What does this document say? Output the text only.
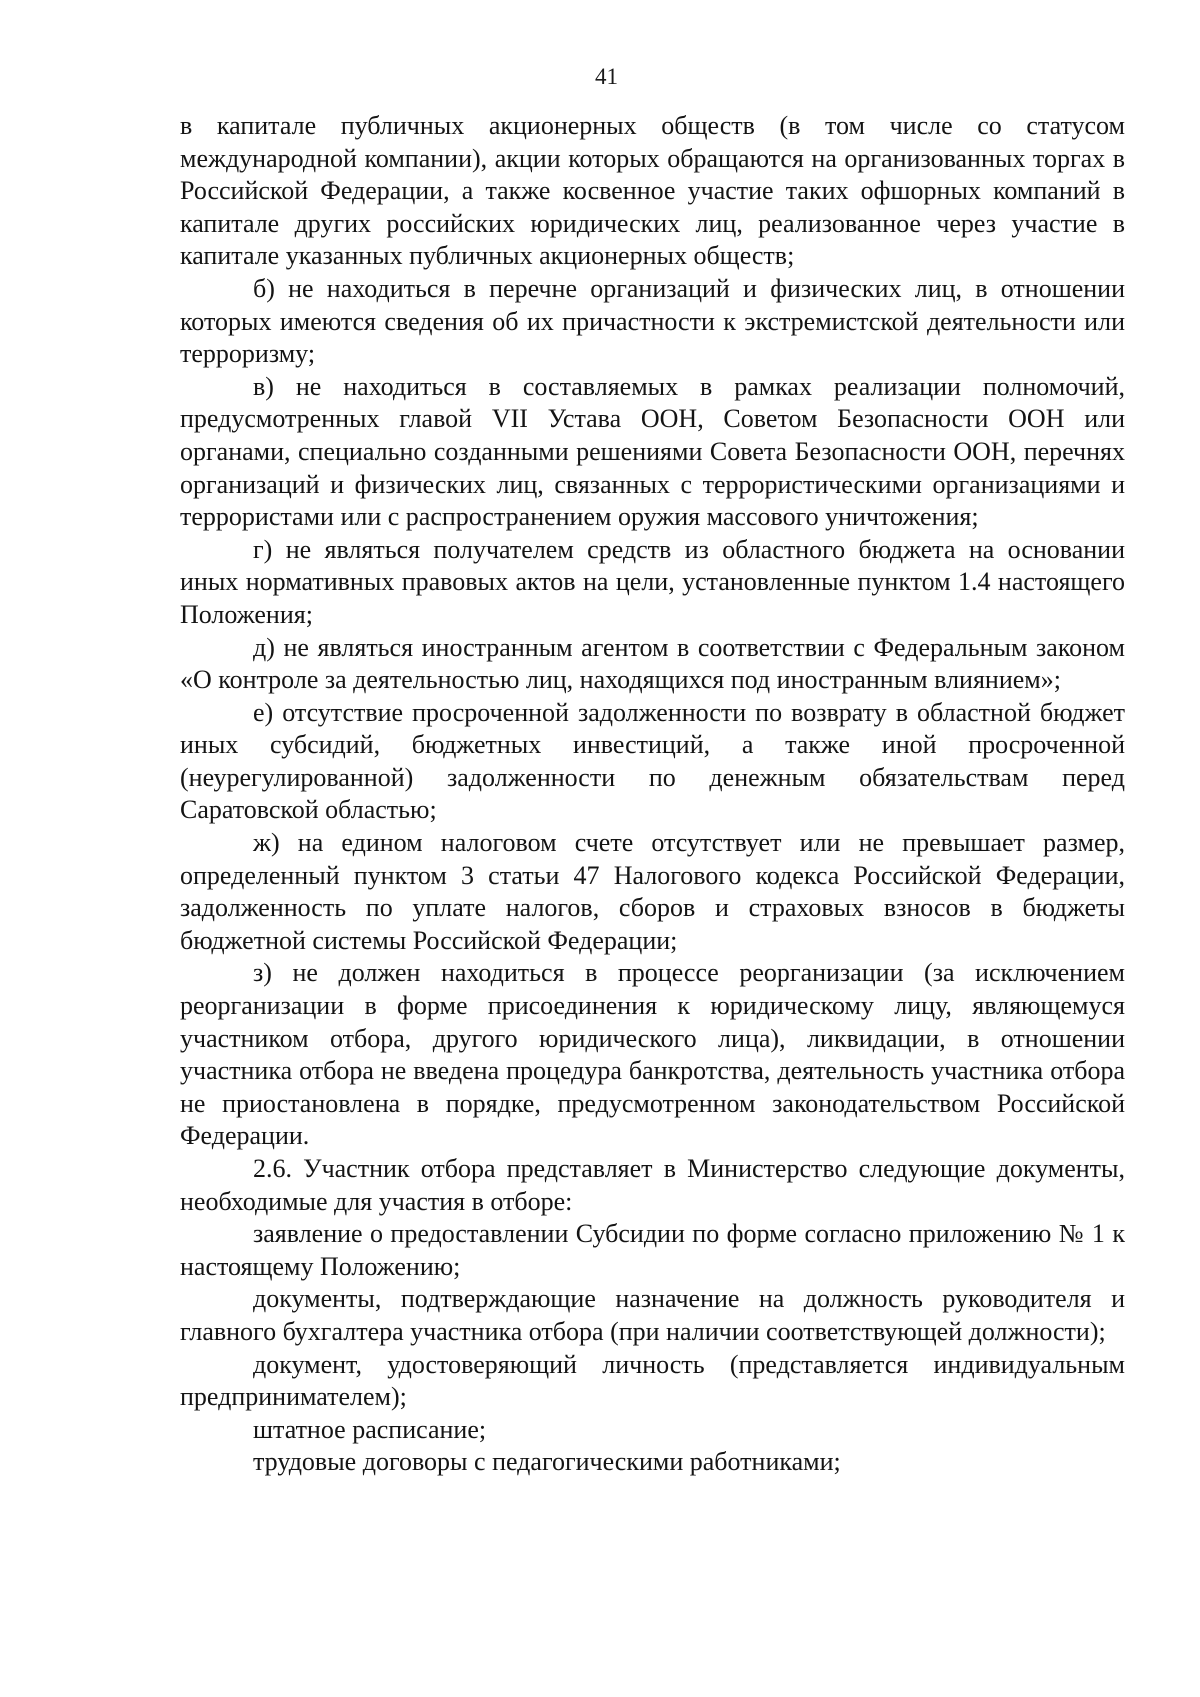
41

в капитале публичных акционерных обществ (в том числе со статусом международной компании), акции которых обращаются на организованных торгах в Российской Федерации, а также косвенное участие таких офшорных компаний в капитале других российских юридических лиц, реализованное через участие в капитале указанных публичных акционерных обществ;

б) не находиться в перечне организаций и физических лиц, в отношении которых имеются сведения об их причастности к экстремистской деятельности или терроризму;

в) не находиться в составляемых в рамках реализации полномочий, предусмотренных главой VII Устава ООН, Советом Безопасности ООН или органами, специально созданными решениями Совета Безопасности ООН, перечнях организаций и физических лиц, связанных с террористическими организациями и террористами или с распространением оружия массового уничтожения;

г) не являться получателем средств из областного бюджета на основании иных нормативных правовых актов на цели, установленные пунктом 1.4 настоящего Положения;

д) не являться иностранным агентом в соответствии с Федеральным законом «О контроле за деятельностью лиц, находящихся под иностранным влиянием»;

е) отсутствие просроченной задолженности по возврату в областной бюджет иных субсидий, бюджетных инвестиций, а также иной просроченной (неурегулированной) задолженности по денежным обязательствам перед Саратовской областью;

ж) на едином налоговом счете отсутствует или не превышает размер, определенный пунктом 3 статьи 47 Налогового кодекса Российской Федерации, задолженность по уплате налогов, сборов и страховых взносов в бюджеты бюджетной системы Российской Федерации;

з) не должен находиться в процессе реорганизации (за исключением реорганизации в форме присоединения к юридическому лицу, являющемуся участником отбора, другого юридического лица), ликвидации, в отношении участника отбора не введена процедура банкротства, деятельность участника отбора не приостановлена в порядке, предусмотренном законодательством Российской Федерации.

2.6. Участник отбора представляет в Министерство следующие документы, необходимые для участия в отборе:

заявление о предоставлении Субсидии по форме согласно приложению № 1 к настоящему Положению;

документы, подтверждающие назначение на должность руководителя и главного бухгалтера участника отбора (при наличии соответствующей должности);

документ, удостоверяющий личность (представляется индивидуальным предпринимателем);

штатное расписание;

трудовые договоры с педагогическими работниками;
